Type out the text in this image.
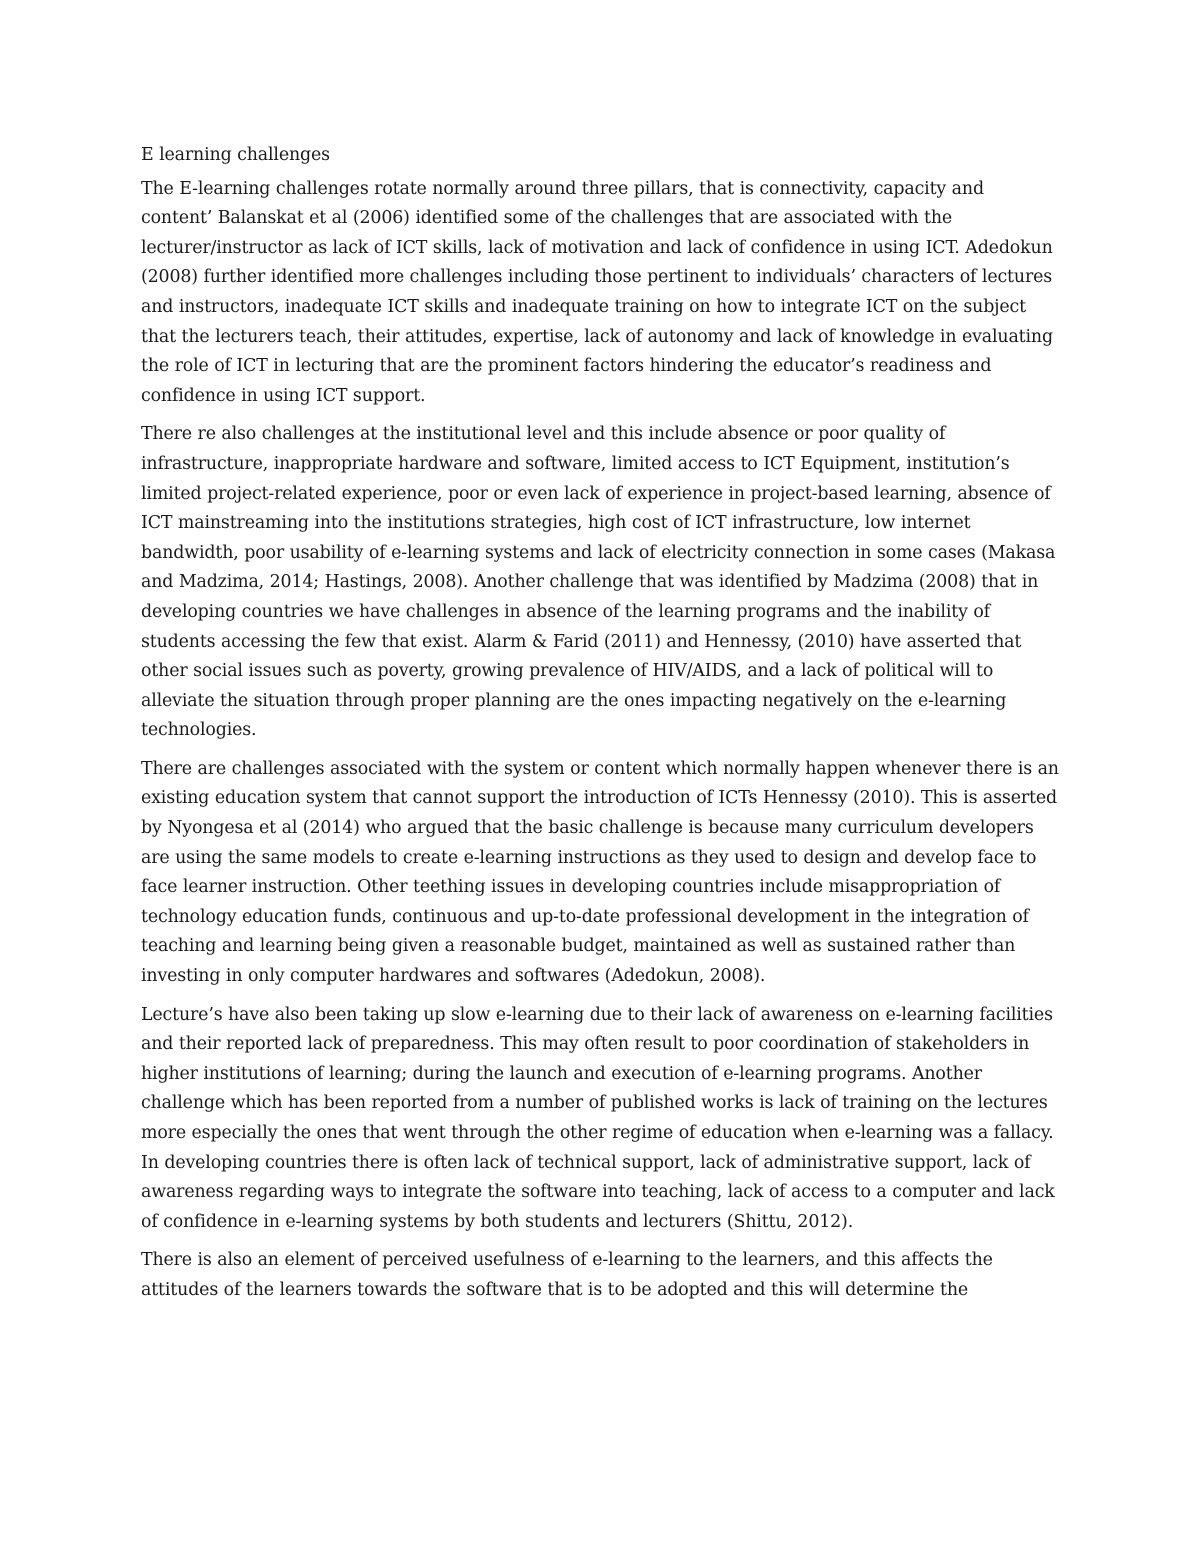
E learning challenges

The E-learning challenges rotate normally around three pillars, that is connectivity, capacity and content’ Balanskat et al (2006) identified some of the challenges that are associated with the lecturer/instructor as lack of ICT skills, lack of motivation and lack of confidence in using ICT. Adedokun (2008) further identified more challenges including those pertinent to individuals’ characters of lectures and instructors, inadequate ICT skills and inadequate training on how to integrate ICT on the subject that the lecturers teach, their attitudes, expertise, lack of autonomy and lack of knowledge in evaluating the role of ICT in lecturing that are the prominent factors hindering the educator’s readiness and confidence in using ICT support.

There re also challenges at the institutional level and this include absence or poor quality of infrastructure, inappropriate hardware and software, limited access to ICT Equipment, institution’s limited project-related experience, poor or even lack of experience in project-based learning, absence of ICT mainstreaming into the institutions strategies, high cost of ICT infrastructure, low internet bandwidth, poor usability of e-learning systems and lack of electricity connection in some cases (Makasa and Madzima, 2014; Hastings, 2008). Another challenge that was identified by Madzima (2008) that in developing countries we have challenges in absence of the learning programs and the inability of students accessing the few that exist. Alarm & Farid (2011) and Hennessy, (2010) have asserted that other social issues such as poverty, growing prevalence of HIV/AIDS, and a lack of political will to alleviate the situation through proper planning are the ones impacting negatively on the e-learning technologies.

There are challenges associated with the system or content which normally happen whenever there is an existing education system that cannot support the introduction of ICTs Hennessy (2010). This is asserted by Nyongesa et al (2014) who argued that the basic challenge is because many curriculum developers are using the same models to create e-learning instructions as they used to design and develop face to face learner instruction. Other teething issues in developing countries include misappropriation of technology education funds, continuous and up-to-date professional development in the integration of teaching and learning being given a reasonable budget, maintained as well as sustained rather than investing in only computer hardwares and softwares (Adedokun, 2008).

Lecture’s have also been taking up slow e-learning due to their lack of awareness on e-learning facilities and their reported lack of preparedness. This may often result to poor coordination of stakeholders in higher institutions of learning; during the launch and execution of e-learning programs. Another challenge which has been reported from a number of published works is lack of training on the lectures more especially the ones that went through the other regime of education when e-learning was a fallacy. In developing countries there is often lack of technical support, lack of administrative support, lack of awareness regarding ways to integrate the software into teaching, lack of access to a computer and lack of confidence in e-learning systems by both students and lecturers (Shittu, 2012).

There is also an element of perceived usefulness of e-learning to the learners, and this affects the attitudes of the learners towards the software that is to be adopted and this will determine the
